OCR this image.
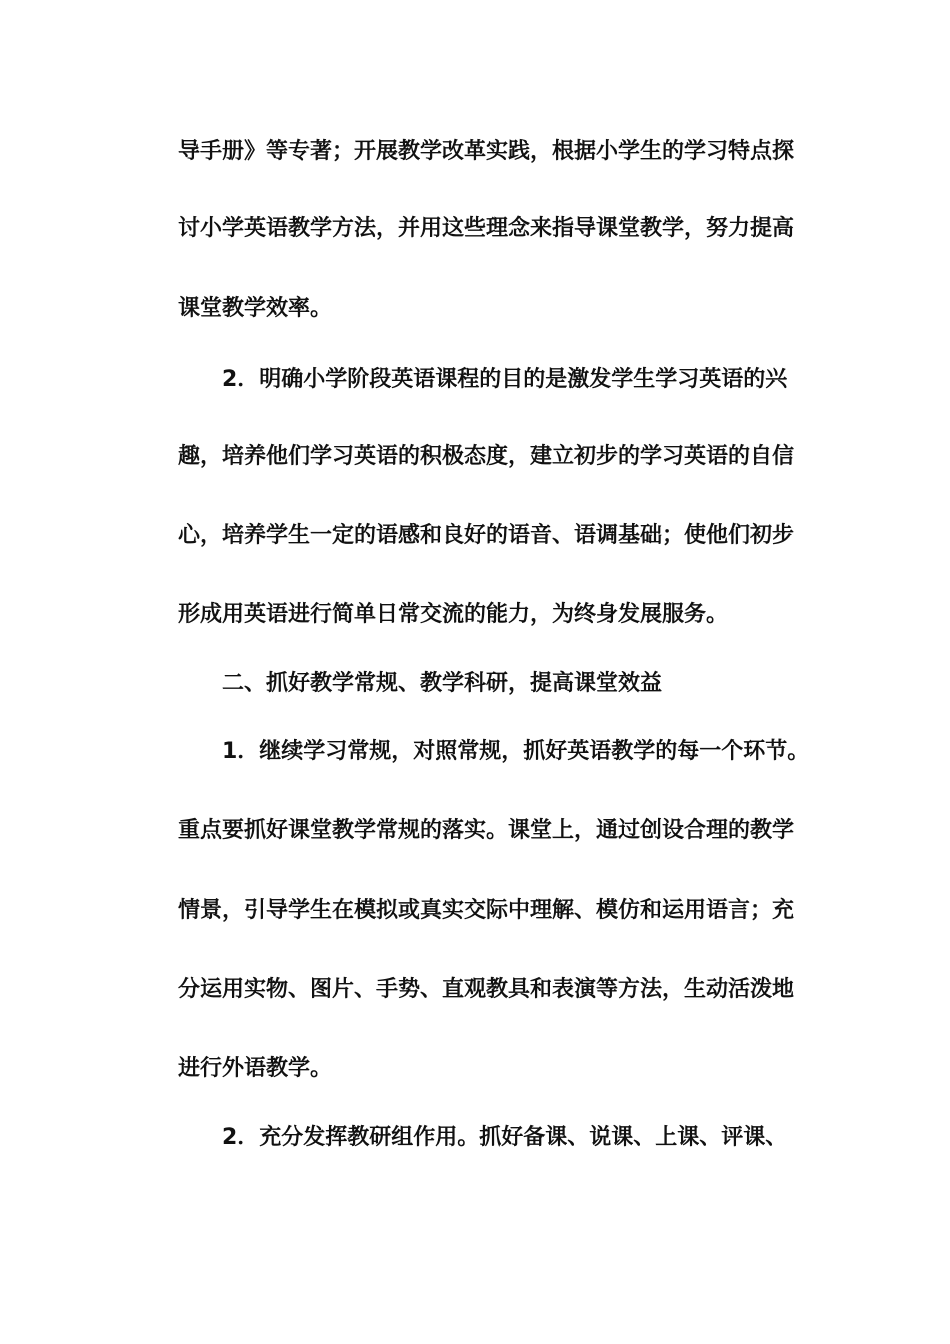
导手册》等专著；开展教学改革实践，根据小学生的学习特点探
讨小学英语教学方法，并用这些理念来指导课堂教学，努力提高
课堂教学效率。
2．明确小学阶段英语课程的目的是激发学生学习英语的兴
趣，培养他们学习英语的积极态度，建立初步的学习英语的自信
心，培养学生一定的语感和良好的语音、语调基础；使他们初步
形成用英语进行简单日常交流的能力，为终身发展服务。
二、抓好教学常规、教学科研，提高课堂效益
1．继续学习常规，对照常规，抓好英语教学的每一个环节。
重点要抓好课堂教学常规的落实。课堂上，通过创设合理的教学
情景，引导学生在模拟或真实交际中理解、模仿和运用语言；充
分运用实物、图片、手势、直观教具和表演等方法，生动活泼地
进行外语教学。
2．充分发挥教研组作用。抓好备课、说课、上课、评课、
